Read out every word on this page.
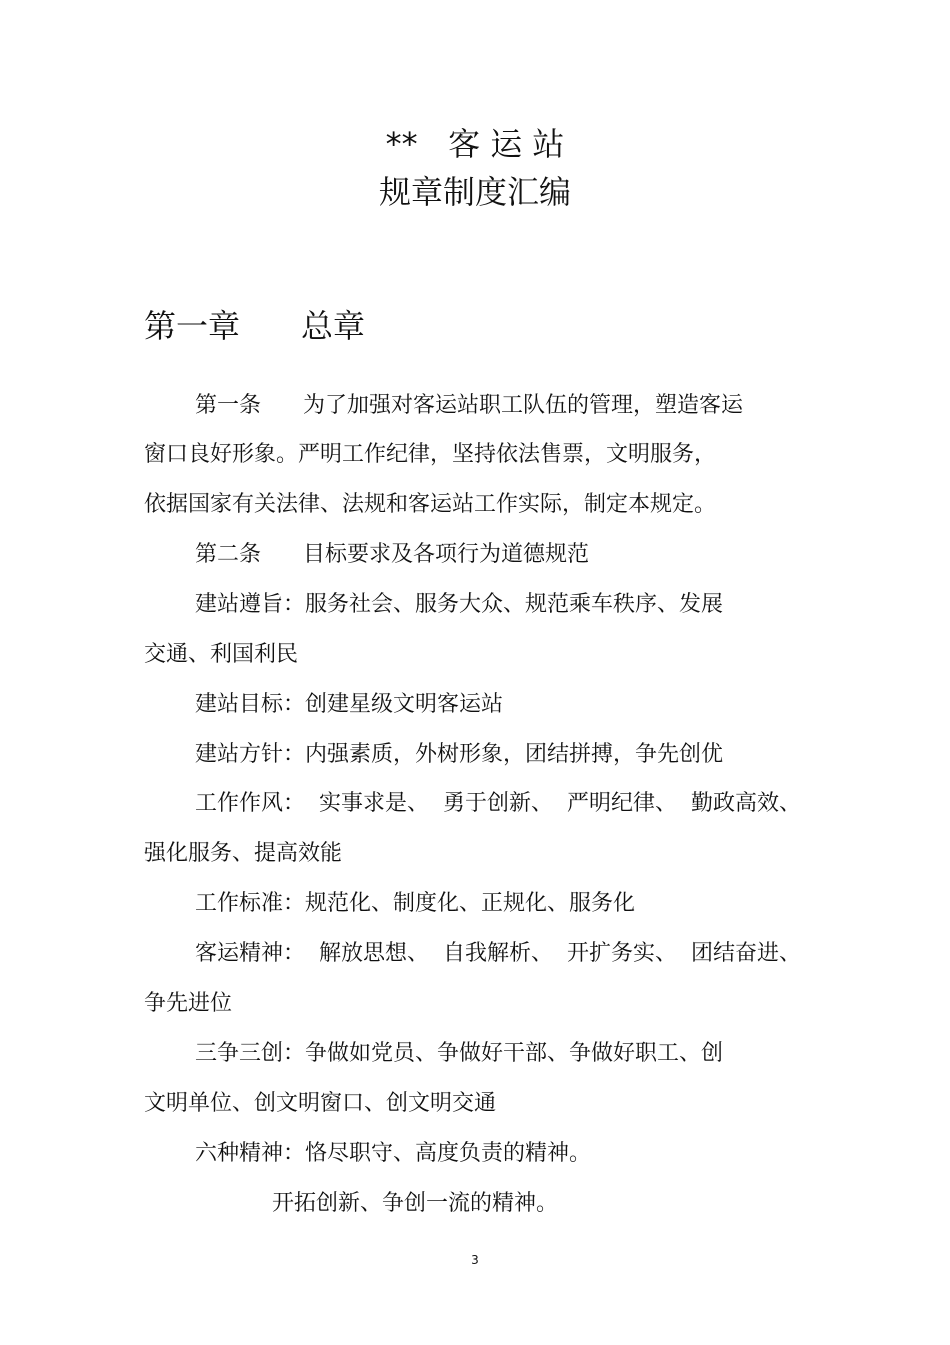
**   客 运 站
规章制度汇编
第一章      总章
第一条      为了加强对客运站职工队伍的管理，塑造客运
窗口良好形象。严明工作纪律，坚持依法售票，文明服务，
依据国家有关法律、法规和客运站工作实际，制定本规定。
第二条      目标要求及各项行为道德规范
建站遵旨：服务社会、服务大众、规范乘车秩序、发展
交通、利国利民
建站目标：创建星级文明客运站
建站方针：内强素质，外树形象，团结拼搏，争先创优
工作作风：  实事求是、  勇于创新、  严明纪律、  勤政高效、
强化服务、提高效能
工作标准：规范化、制度化、正规化、服务化
客运精神：  解放思想、  自我解析、  开扩务实、  团结奋进、
争先进位
三争三创：争做如党员、争做好干部、争做好职工、创
文明单位、创文明窗口、创文明交通
六种精神：恪尽职守、高度负责的精神。
开拓创新、争创一流的精神。
3
